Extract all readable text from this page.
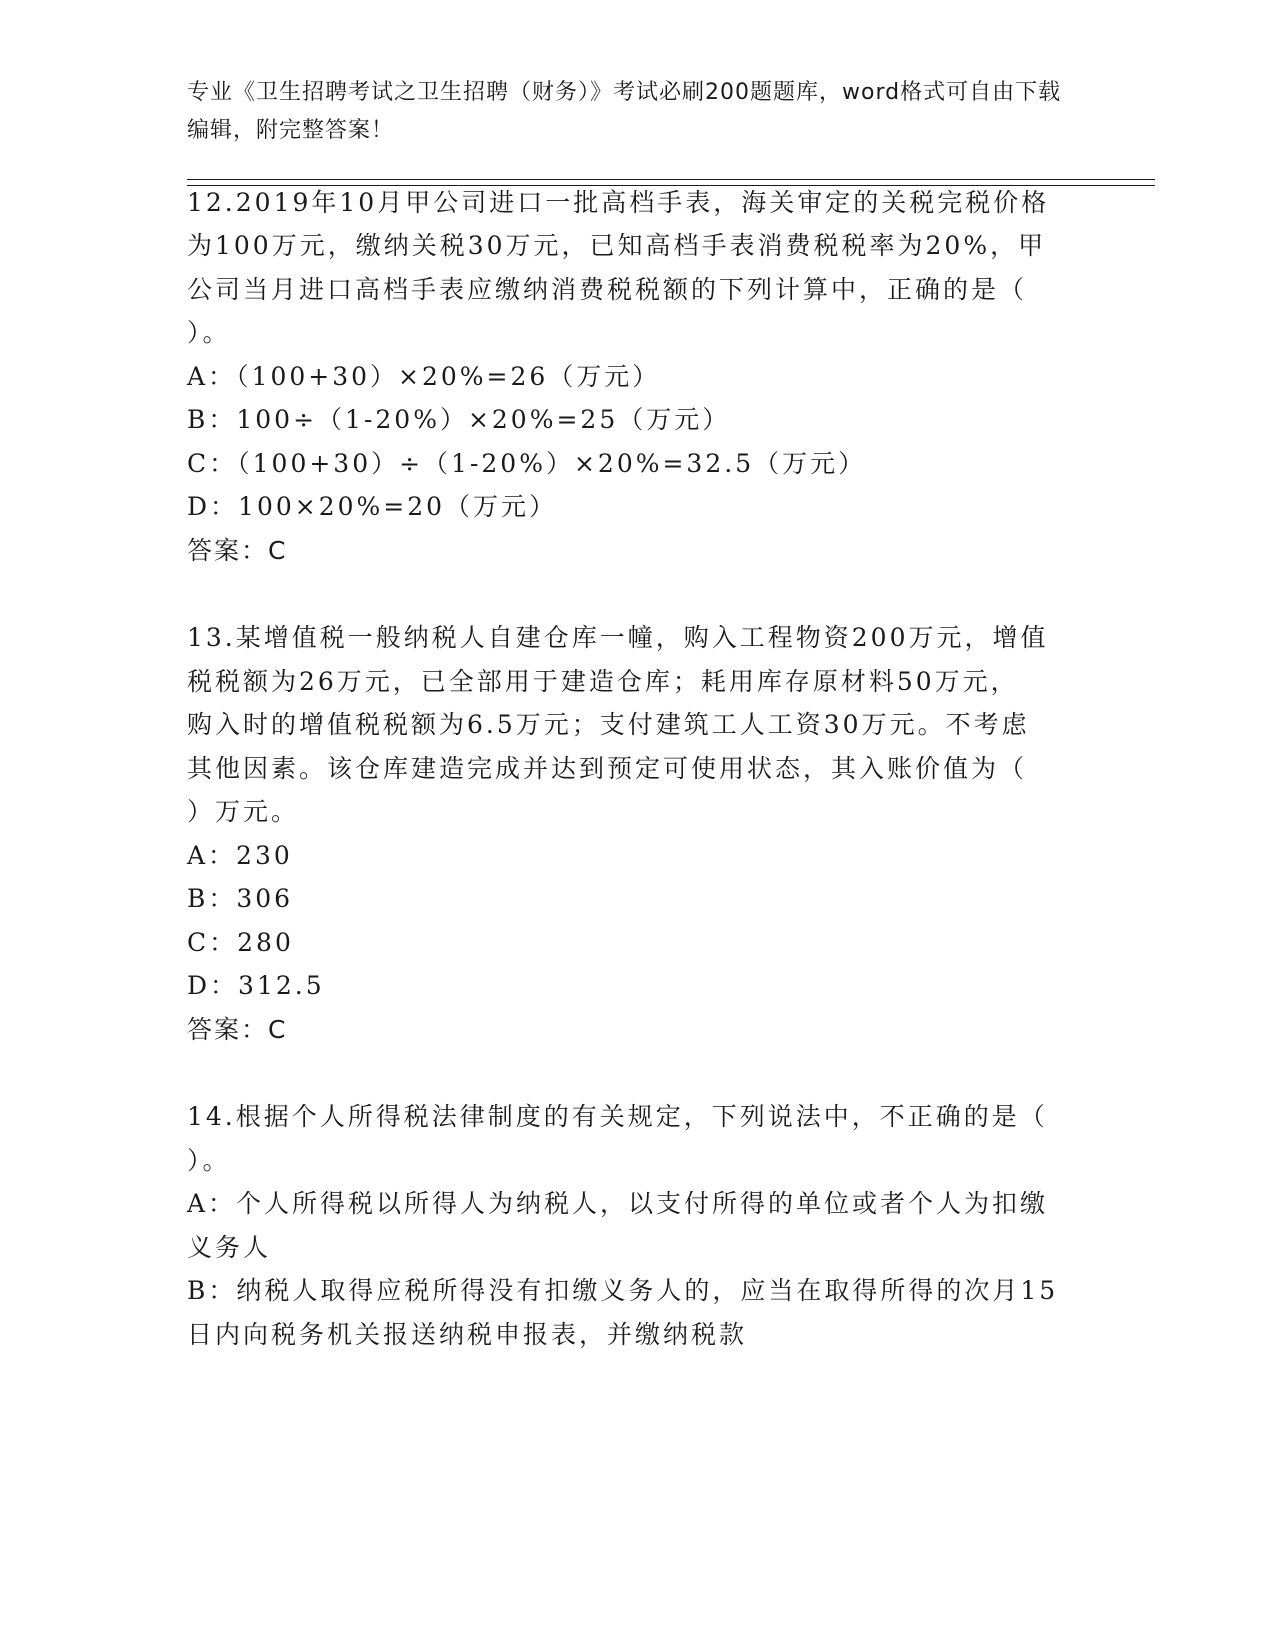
专业《卫生招聘考试之卫生招聘（财务）》考试必刷200题题库，word格式可自由下载编辑，附完整答案！
12.2019年10月甲公司进口一批高档手表，海关审定的关税完税价格
为100万元，缴纳关税30万元，已知高档手表消费税税率为20%，甲
公司当月进口高档手表应缴纳消费税税额的下列计算中，正确的是（
）。
A：（100+30）×20%=26（万元）
B：100÷（1-20%）×20%=25（万元）
C：（100+30）÷（1-20%）×20%=32.5（万元）
D：100×20%=20（万元）
答案：C
13.某增值税一般纳税人自建仓库一幢，购入工程物资200万元，增值
税税额为26万元，已全部用于建造仓库；耗用库存原材料50万元，
购入时的增值税税额为6.5万元；支付建筑工人工资30万元。不考虑
其他因素。该仓库建造完成并达到预定可使用状态，其入账价值为（
）万元。
A：230
B：306
C：280
D：312.5
答案：C
14.根据个人所得税法律制度的有关规定，下列说法中，不正确的是（
）。
A：个人所得税以所得人为纳税人，以支付所得的单位或者个人为扣缴
义务人
B：纳税人取得应税所得没有扣缴义务人的，应当在取得所得的次月15
日内向税务机关报送纳税申报表，并缴纳税款
